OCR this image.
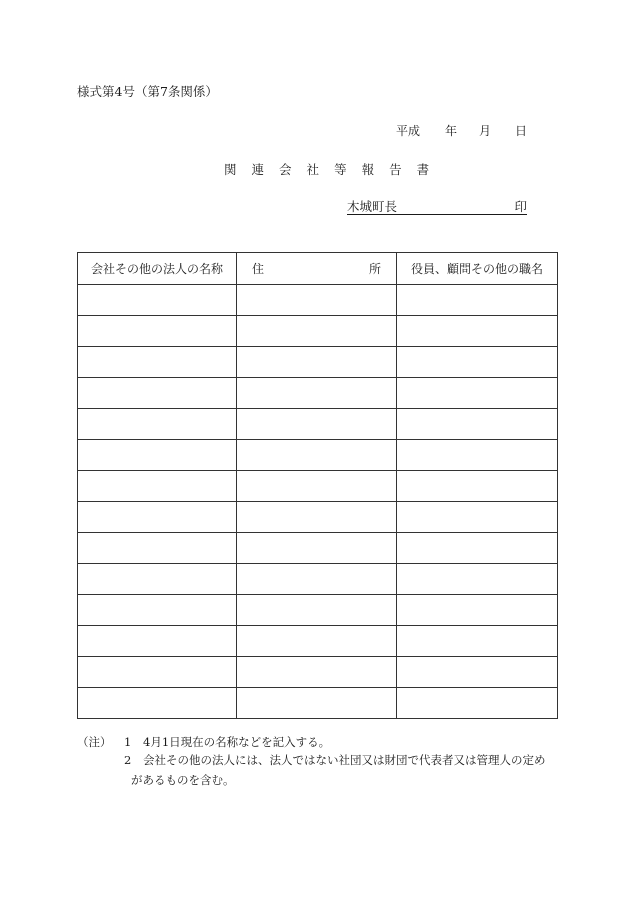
様式第4号（第7条関係）
平成 年 月 日
関 連 会 社 等 報 告 書
木城町長	印
会社その他の法人の名称	住 所	役員、顧問その他の職名

（注） 1 4月1日現在の名称などを記入する。
2 会社その他の法人には、法人ではない社団又は財団で代表者又は管理人の定め
があるものを含む。
